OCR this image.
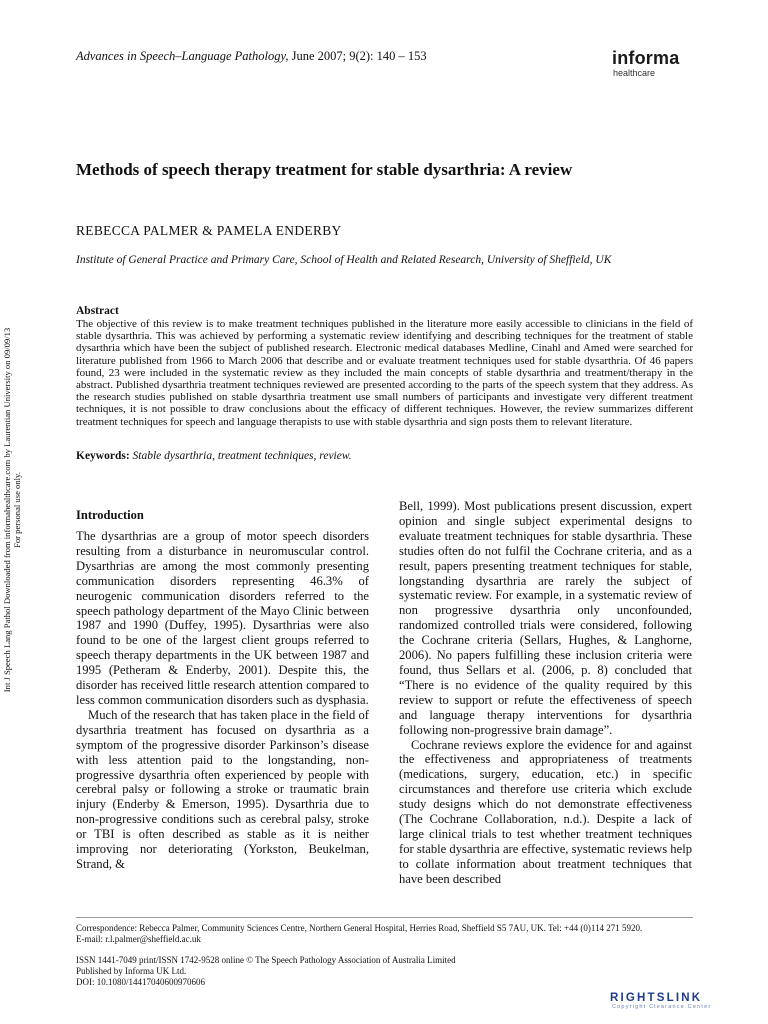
Advances in Speech–Language Pathology, June 2007; 9(2): 140 – 153	informa
healthcare
Methods of speech therapy treatment for stable dysarthria: A review
REBECCA PALMER & PAMELA ENDERBY
Institute of General Practice and Primary Care, School of Health and Related Research, University of Sheffield, UK
Abstract
The objective of this review is to make treatment techniques published in the literature more easily accessible to clinicians in the field of stable dysarthria. This was achieved by performing a systematic review identifying and describing techniques for the treatment of stable dysarthria which have been the subject of published research. Electronic medical databases Medline, Cinahl and Amed were searched for literature published from 1966 to March 2006 that describe and or evaluate treatment techniques used for stable dysarthria. Of 46 papers found, 23 were included in the systematic review as they included the main concepts of stable dysarthria and treatment/therapy in the abstract. Published dysarthria treatment techniques reviewed are presented according to the parts of the speech system that they address. As the research studies published on stable dysarthria treatment use small numbers of participants and investigate very different treatment techniques, it is not possible to draw conclusions about the efficacy of different techniques. However, the review summarizes different treatment techniques for speech and language therapists to use with stable dysarthria and sign posts them to relevant literature.
Keywords: Stable dysarthria, treatment techniques, review.
Introduction

The dysarthrias are a group of motor speech disorders resulting from a disturbance in neuromuscular control. Dysarthrias are among the most commonly presenting communication disorders representing 46.3% of neurogenic communication disorders referred to the speech pathology department of the Mayo Clinic between 1987 and 1990 (Duffey, 1995). Dysarthrias were also found to be one of the largest client groups referred to speech therapy departments in the UK between 1987 and 1995 (Petheram & Enderby, 2001). Despite this, the disorder has received little research attention compared to less common communication disorders such as dysphasia.

Much of the research that has taken place in the field of dysarthria treatment has focused on dysarthria as a symptom of the progressive disorder Parkinson’s disease with less attention paid to the longstanding, non-progressive dysarthria often experienced by people with cerebral palsy or following a stroke or traumatic brain injury (Enderby & Emerson, 1995). Dysarthria due to non-progressive conditions such as cerebral palsy, stroke or TBI is often described as stable as it is neither improving nor deteriorating (Yorkston, Beukelman, Strand, &

Bell, 1999). Most publications present discussion, expert opinion and single subject experimental designs to evaluate treatment techniques for stable dysarthria. These studies often do not fulfil the Cochrane criteria, and as a result, papers presenting treatment techniques for stable, longstanding dysarthria are rarely the subject of systematic review. For example, in a systematic review of non progressive dysarthria only unconfounded, randomized controlled trials were considered, following the Cochrane criteria (Sellars, Hughes, & Langhorne, 2006). No papers fulfilling these inclusion criteria were found, thus Sellars et al. (2006, p. 8) concluded that “There is no evidence of the quality required by this review to support or refute the effectiveness of speech and language therapy interventions for dysarthria following non-progressive brain damage”.

Cochrane reviews explore the evidence for and against the effectiveness and appropriateness of treatments (medications, surgery, education, etc.) in specific circumstances and therefore use criteria which exclude study designs which do not demonstrate effectiveness (The Cochrane Collaboration, n.d.). Despite a lack of large clinical trials to test whether treatment techniques for stable dysarthria are effective, systematic reviews help to collate information about treatment techniques that have been described

Correspondence: Rebecca Palmer, Community Sciences Centre, Northern General Hospital, Herries Road, Sheffield S5 7AU, UK. Tel: +44 (0)114 271 5920.
E-mail: r.l.palmer@sheffield.ac.uk
ISSN 1441-7049 print/ISSN 1742-9528 online © The Speech Pathology Association of Australia Limited
Published by Informa UK Ltd.
DOI: 10.1080/14417040600970606
Int J Speech Lang Pathol Downloaded from informahealthcare.com by Laurentian University on 09/09/13 For personal use only.
RIGHTSLINK
Copyright Clearance Center
